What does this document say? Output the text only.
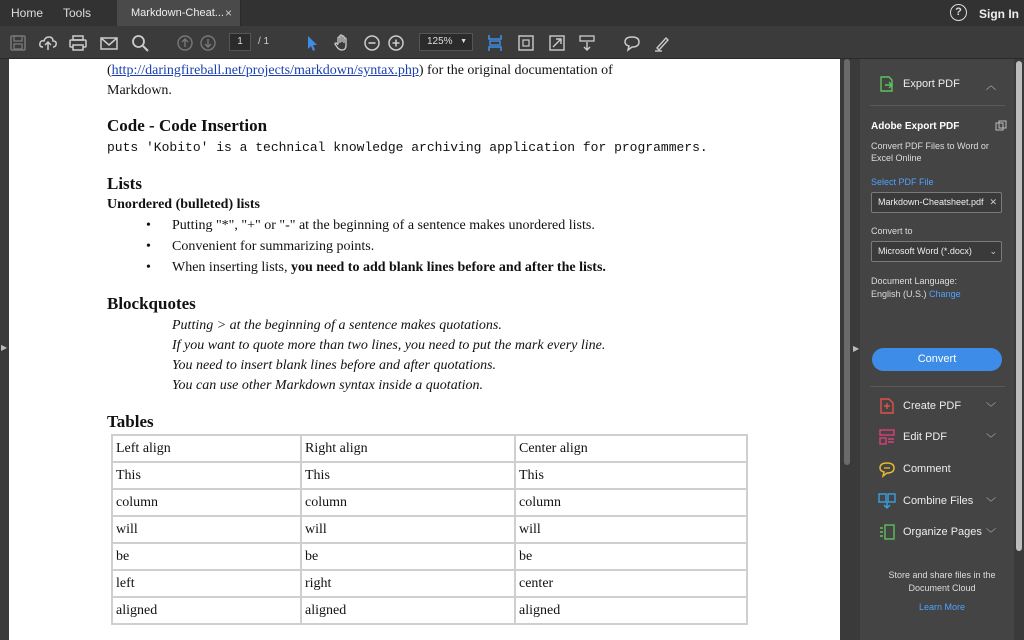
Home Tools	Markdown-Cheat... ×	?	Sign In
1	/ 1	125% ▼
▶
(http://daringfireball.net/projects/markdown/syntax.php) for the original documentation of
Markdown.
Code - Code Insertion
puts 'Kobito' is a technical knowledge archiving application for programmers.
Lists
Unordered (bulleted) lists
• Putting "*", "+" or "-" at the beginning of a sentence makes unordered lists.
• Convenient for summarizing points.
• When inserting lists, you need to add blank lines before and after the lists.
Blockquotes
Putting > at the beginning of a sentence makes quotations.
If you want to quote more than two lines, you need to put the mark every line.
You need to insert blank lines before and after quotations.
You can use other Markdown syntax inside a quotation.
Tables
Left align	Right align	Center align
This	This	This
column	column	column
will	will	will
be	be	be
left	right	center
aligned	aligned	aligned
▶
Export PDF	︿
Adobe Export PDF
Convert PDF Files to Word or Excel Online
Select PDF File
Markdown-Cheatsheet.pdf ✕
Convert to
Microsoft Word (*.docx) ⌄
Document Language:
English (U.S.) Change
Convert
Create PDF ﹀
Edit PDF	﹀
Comment
Combine Files ﹀
Organize Pages ﹀
Store and share files in the Document Cloud
Learn More
